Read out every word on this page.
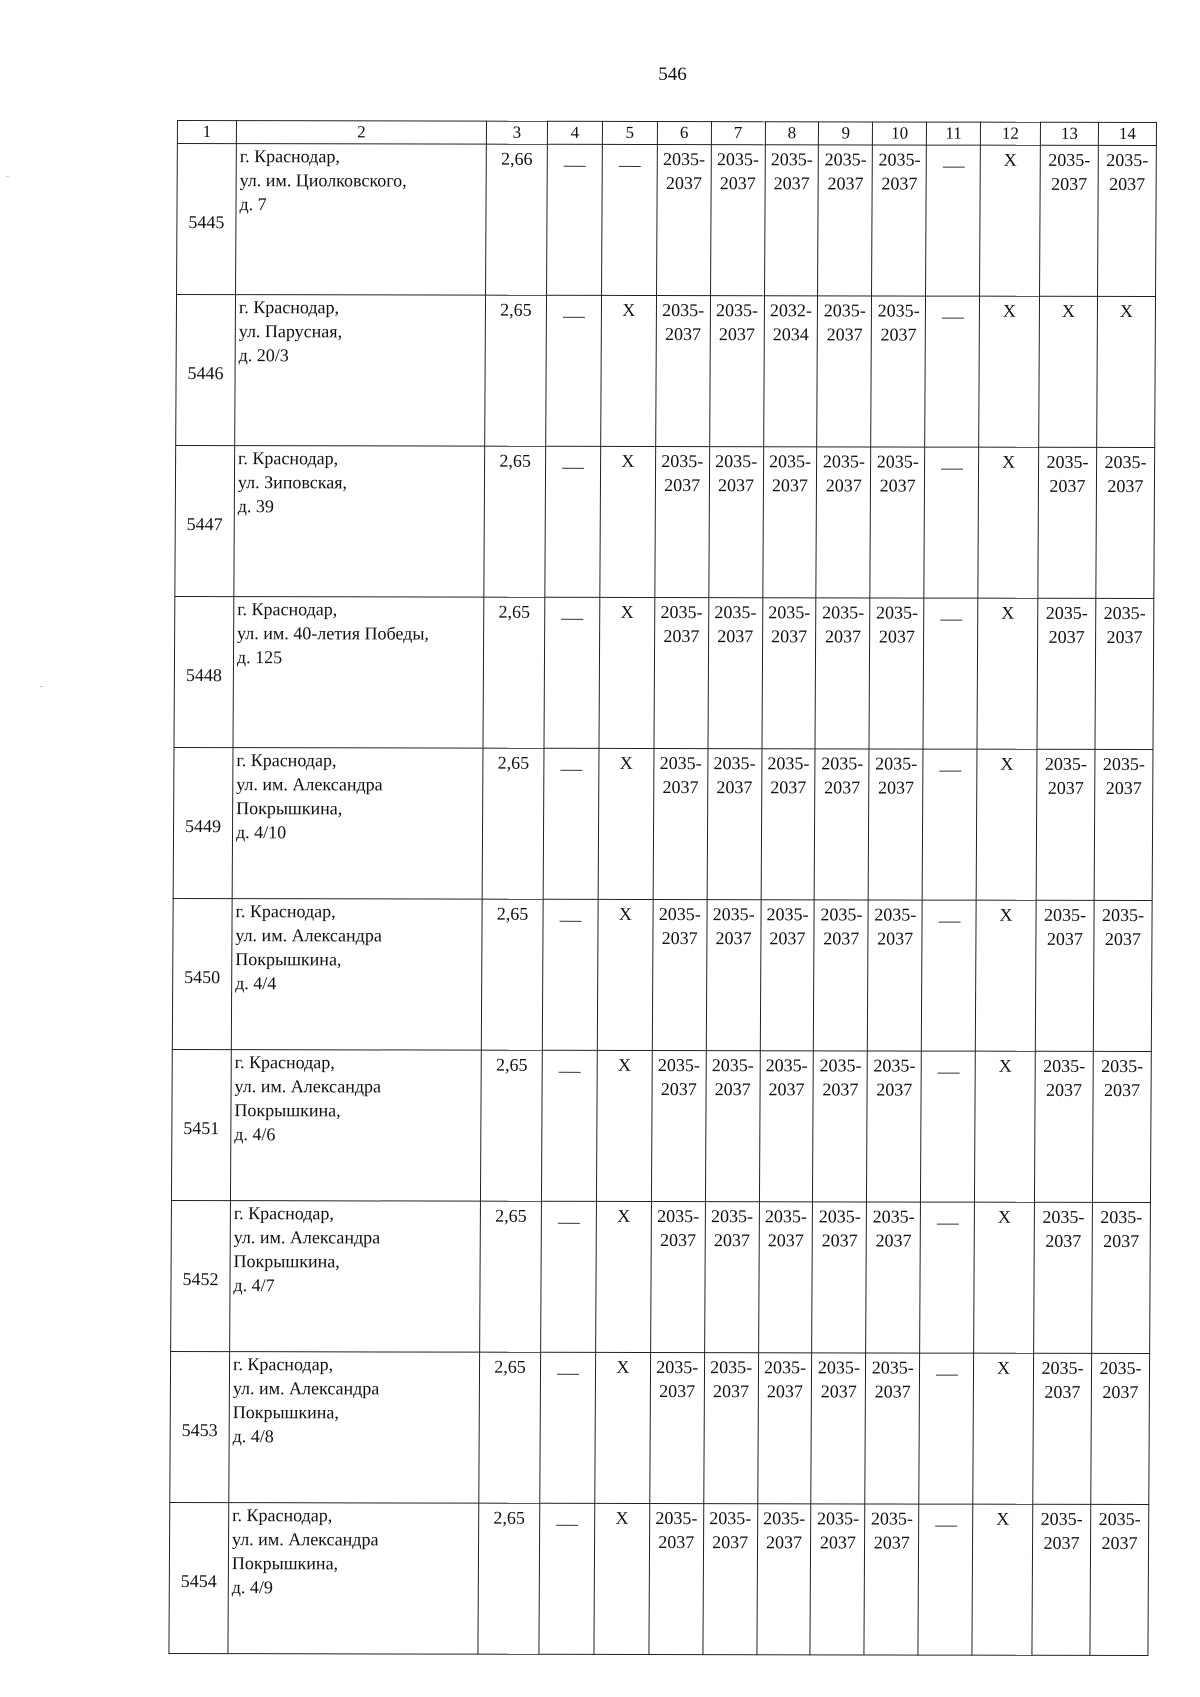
546
1	2	3	4	5	6	7	8	9	10	11	12	13	14
5445	г. Краснодар,
ул. им. Циолковского,
д. 7	2,66			2035-
2037	2035-
2037	2035-
2037	2035-
2037	2035-
2037		Х	2035-
2037	2035-
2037

5446	г. Краснодар,
ул. Парусная,
д. 20/3	2,65		Х	2035-
2037	2035-
2037	2032-
2034	2035-
2037	2035-
2037		Х	Х	Х

5447	г. Краснодар,
ул. Зиповская,
д. 39	2,65		Х	2035-
2037	2035-
2037	2035-
2037	2035-
2037	2035-
2037		Х	2035-
2037	2035-
2037

5448	г. Краснодар,
ул. им. 40-летия Победы,
д. 125	2,65		Х	2035-
2037	2035-
2037	2035-
2037	2035-
2037	2035-
2037		Х	2035-
2037	2035-
2037

5449	г. Краснодар,
ул. им. Александра
Покрышкина,
д. 4/10	2,65		Х	2035-
2037	2035-
2037	2035-
2037	2035-
2037	2035-
2037		Х	2035-
2037	2035-
2037

5450	г. Краснодар,
ул. им. Александра
Покрышкина,
д. 4/4	2,65		Х	2035-
2037	2035-
2037	2035-
2037	2035-
2037	2035-
2037		Х	2035-
2037	2035-
2037

5451	г. Краснодар,
ул. им. Александра
Покрышкина,
д. 4/6	2,65		Х	2035-
2037	2035-
2037	2035-
2037	2035-
2037	2035-
2037		Х	2035-
2037	2035-
2037

5452	г. Краснодар,
ул. им. Александра
Покрышкина,
д. 4/7	2,65		Х	2035-
2037	2035-
2037	2035-
2037	2035-
2037	2035-
2037		Х	2035-
2037	2035-
2037

5453	г. Краснодар,
ул. им. Александра
Покрышкина,
д. 4/8	2,65		Х	2035-
2037	2035-
2037	2035-
2037	2035-
2037	2035-
2037		Х	2035-
2037	2035-
2037

5454	г. Краснодар,
ул. им. Александра
Покрышкина,
д. 4/9	2,65		Х	2035-
2037	2035-
2037	2035-
2037	2035-
2037	2035-
2037		Х	2035-
2037	2035-
2037
